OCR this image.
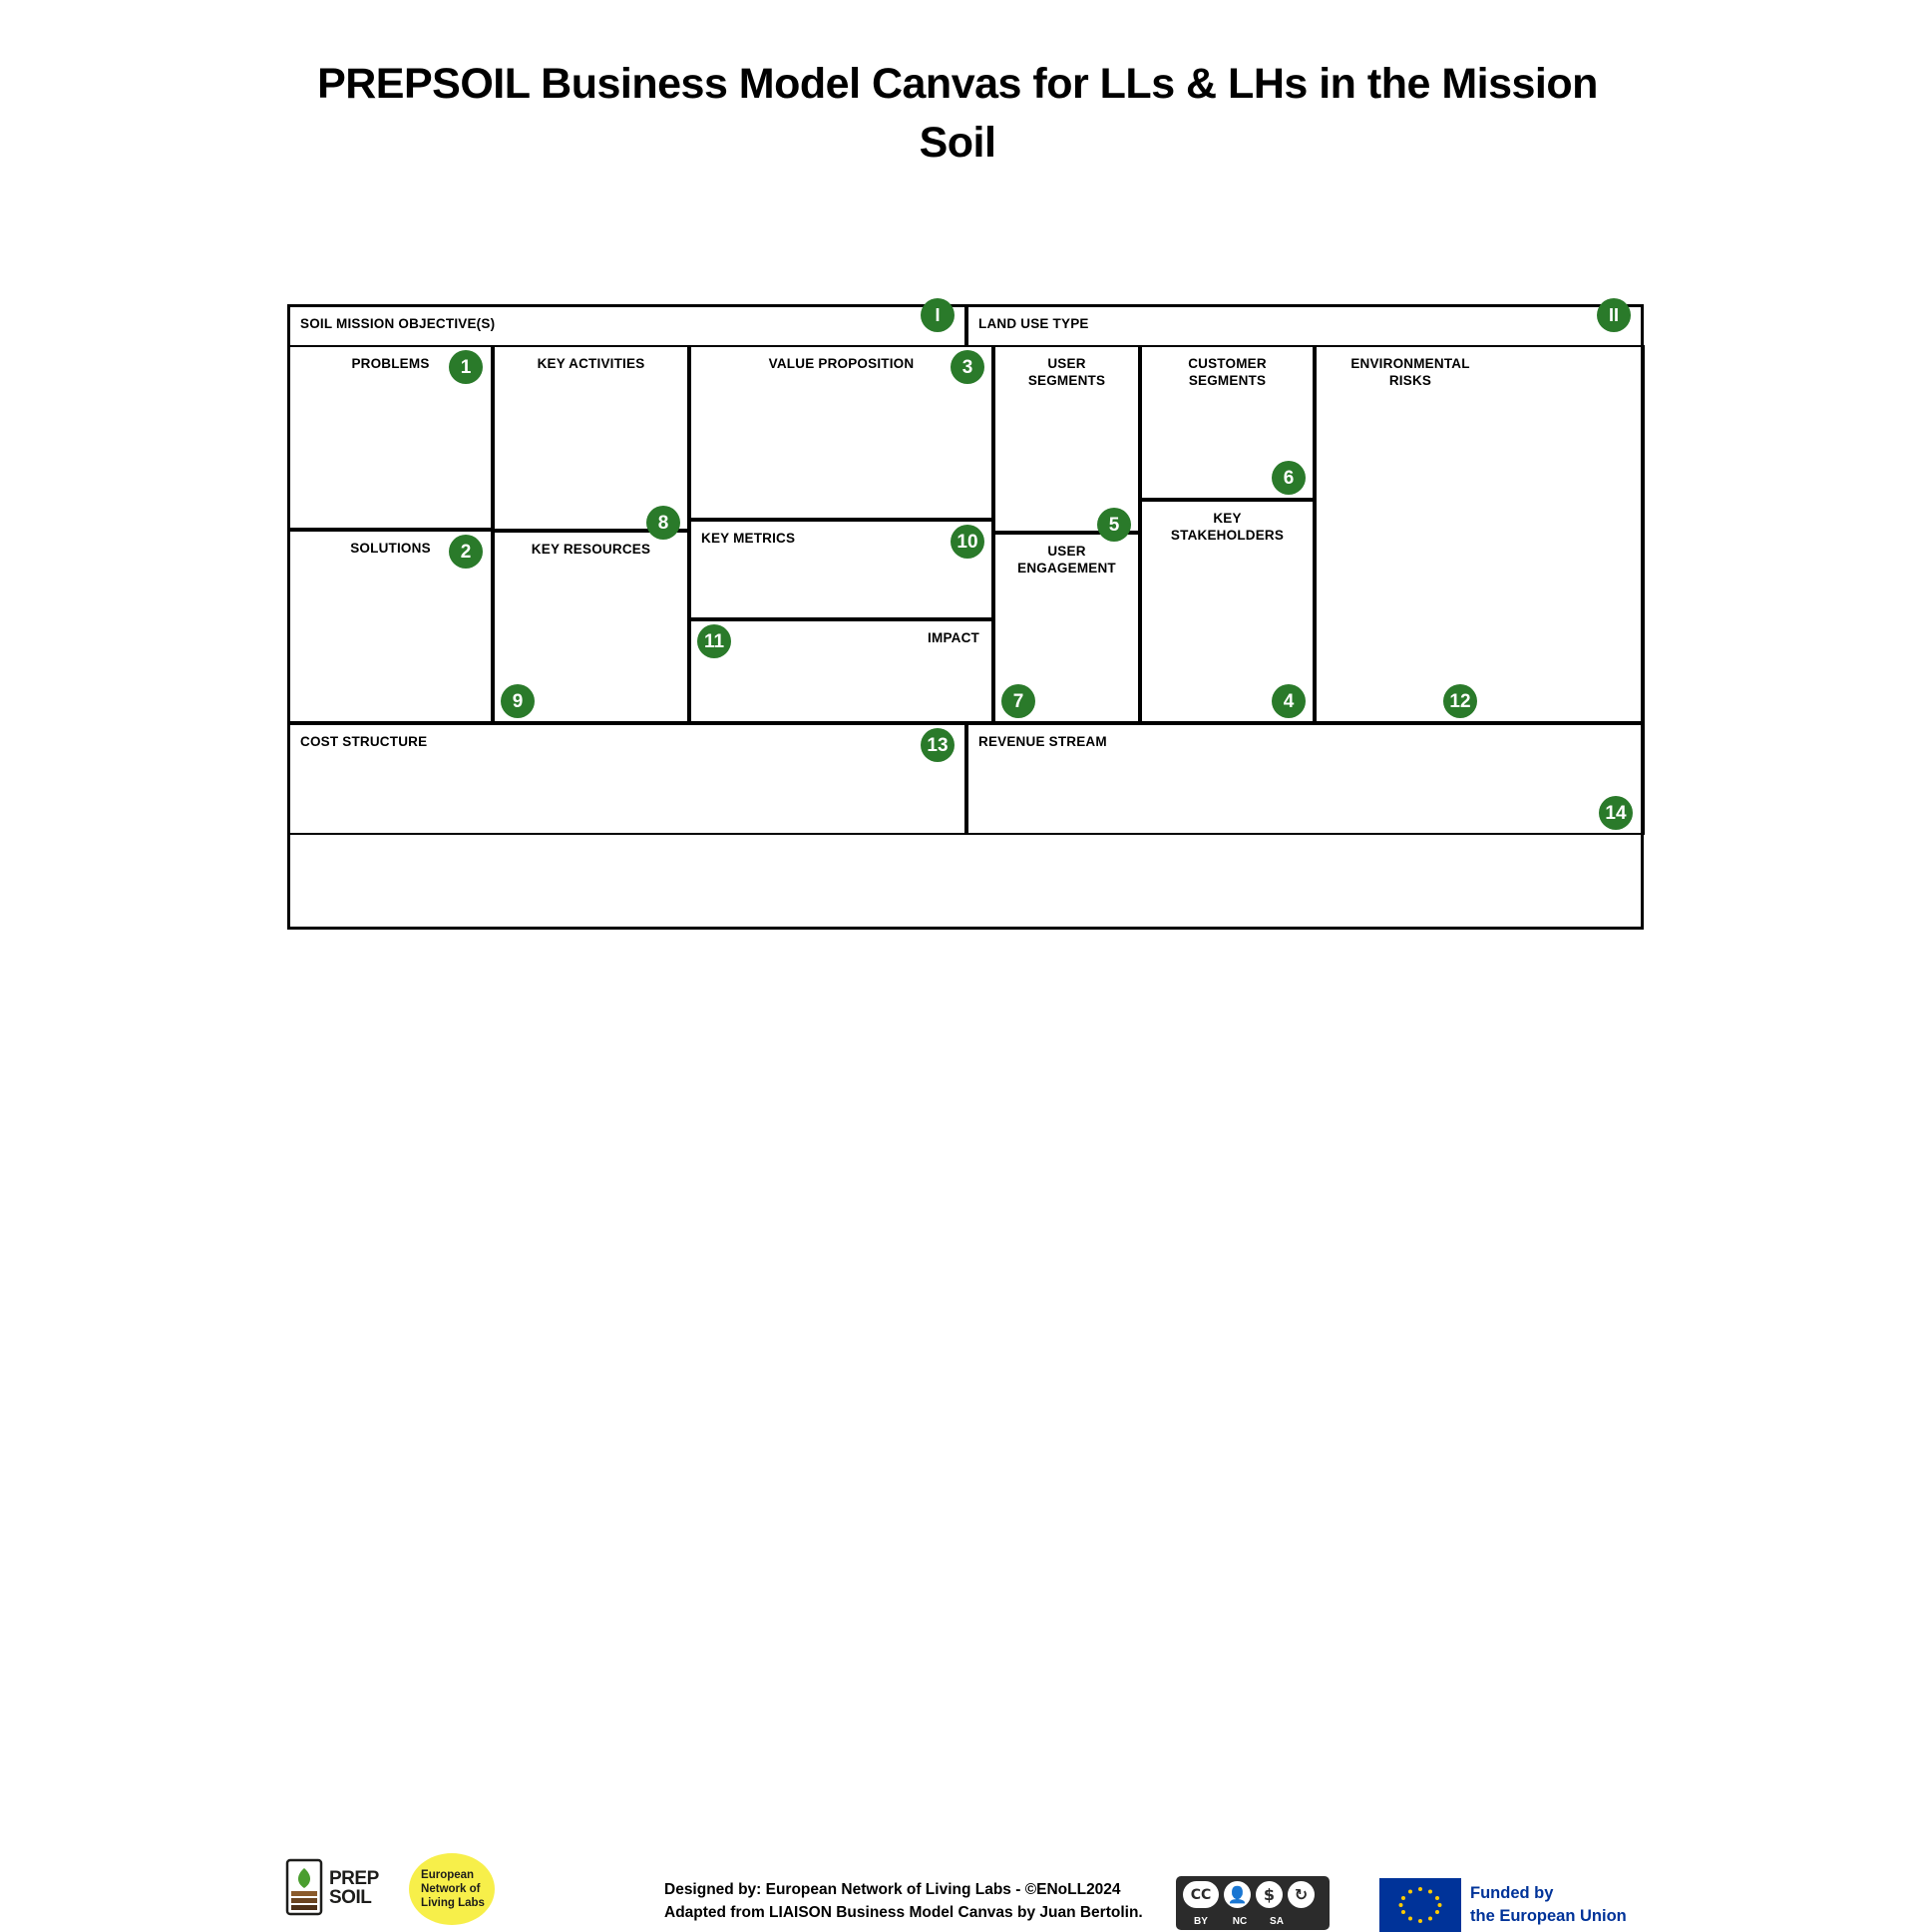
PREPSOIL Business Model Canvas for LLs & LHs in the Mission Soil
SOIL MISSION OBJECTIVE(S)	I	LAND USE TYPE	II
PROBLEMS	1
SOLUTIONS	2
KEY ACTIVITIES
8
KEY RESOURCES
9
VALUE PROPOSITION	3
KEY METRICS	10
IMPACT
11
USER SEGMENTS
5
USER ENGAGEMENT
7
CUSTOMER SEGMENTS
6
KEY STAKEHOLDERS
4
ENVIRONMENTAL RISKS
12
COST STRUCTURE	13	REVENUE STREAM
14
PREP
SOIL
European
Network of
Living Labs
Designed by: European Network of Living Labs - ©ENoLL2024
Adapted from LIAISON Business Model Canvas by Juan Bertolin.
CC	👤	$	↻
BY	NC	SA
Funded by
the European Union
